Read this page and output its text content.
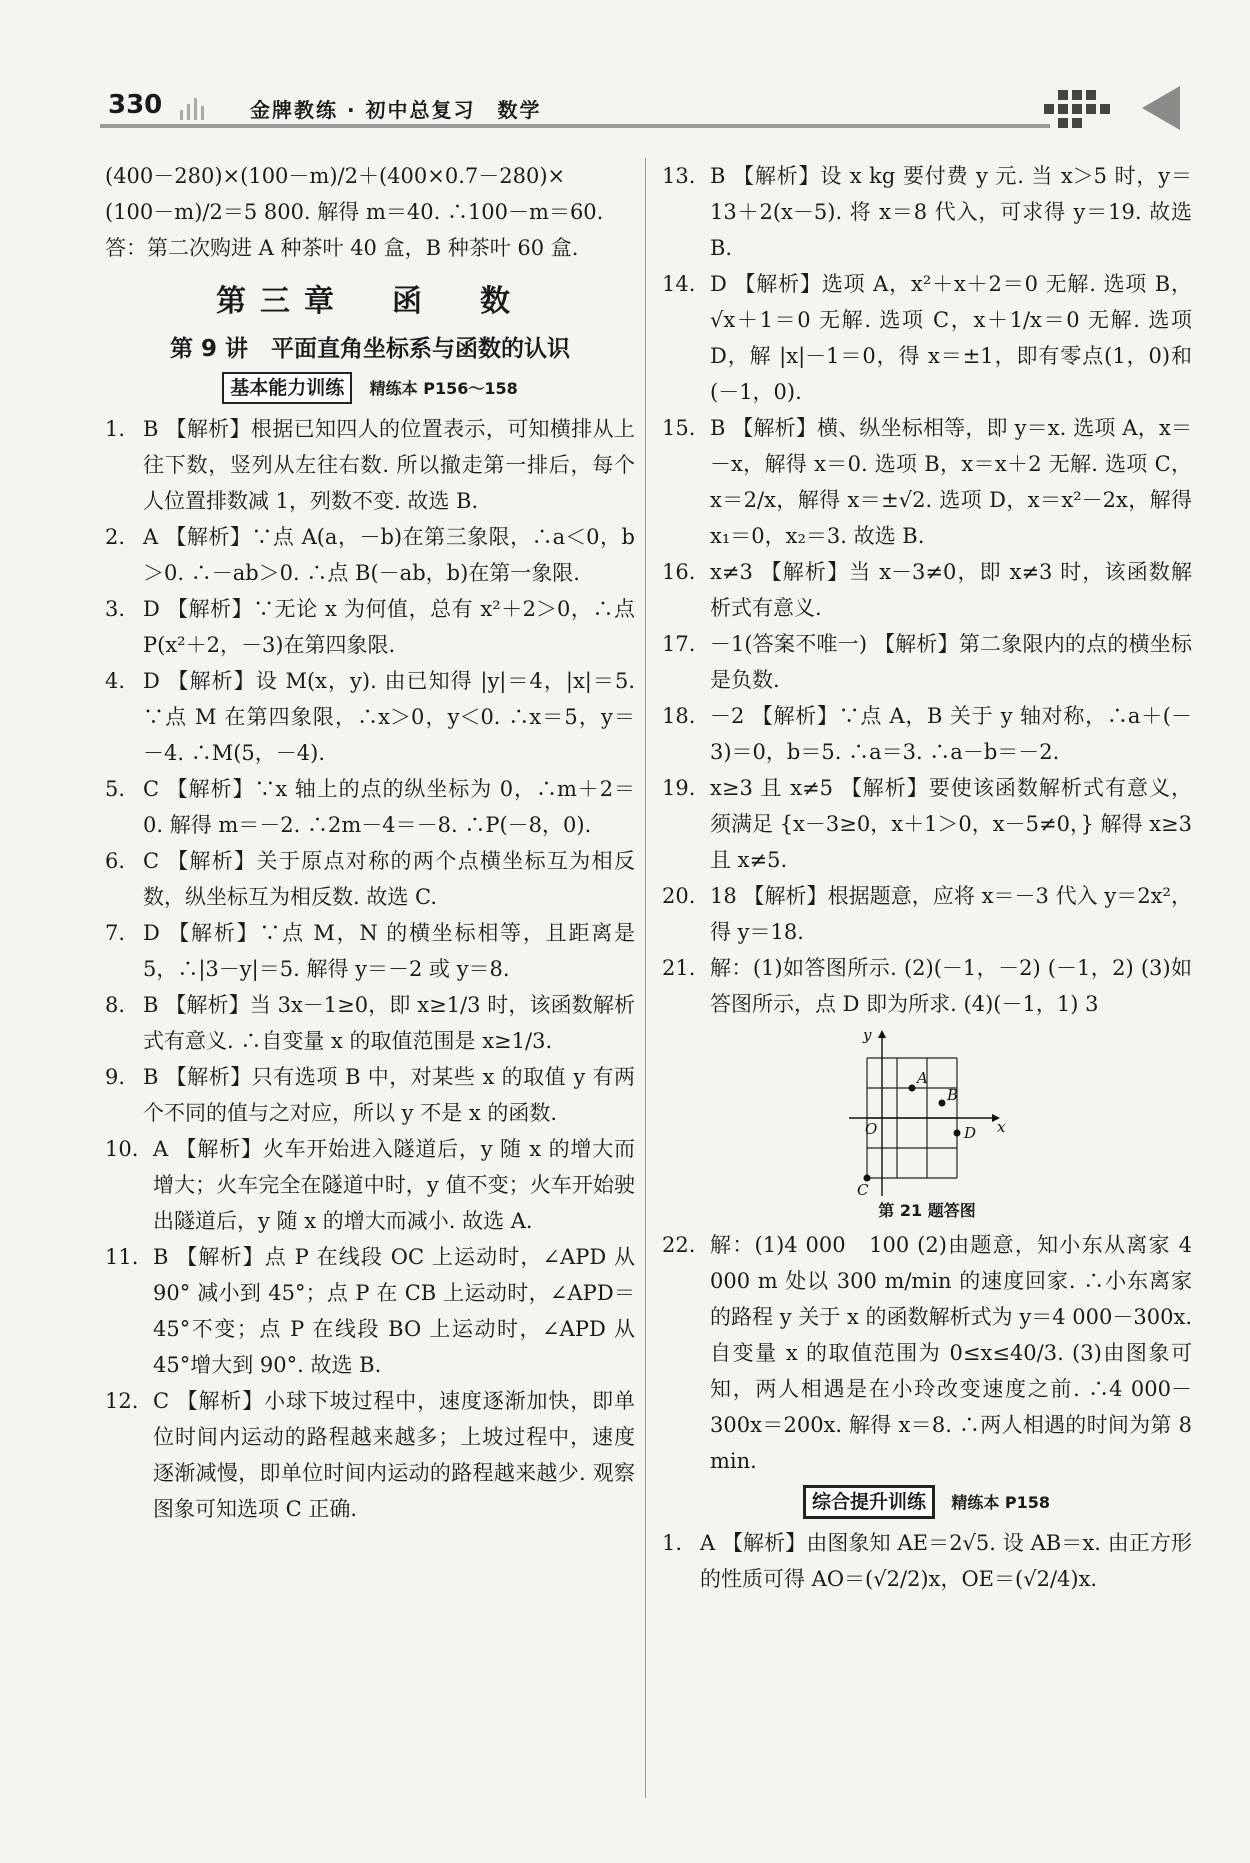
330	金牌教练 · 初中总复习　数学

(400－280)×(100－m)/2＋(400×0.7－280)×

(100－m)/2＝5 800. 解得 m＝40. ∴100－m＝60.

答：第二次购进 A 种茶叶 40 盒，B 种茶叶 60 盒.

第三章　函　数
第 9 讲　平面直角坐标系与函数的认识
基本能力训练 精练本 P156～158

1. B 【解析】根据已知四人的位置表示，可知横排从上往下数，竖列从左往右数. 所以撤走第一排后，每个人位置排数减 1，列数不变. 故选 B.

2. A 【解析】∵点 A(a，－b)在第三象限，∴a＜0，b＞0. ∴－ab＞0. ∴点 B(－ab，b)在第一象限.

3. D 【解析】∵无论 x 为何值，总有 x²＋2＞0，∴点 P(x²＋2，－3)在第四象限.

4. D 【解析】设 M(x，y). 由已知得 |y|＝4，|x|＝5. ∵点 M 在第四象限，∴x＞0，y＜0. ∴x＝5，y＝－4. ∴M(5，－4).

5. C 【解析】∵x 轴上的点的纵坐标为 0，∴m＋2＝0. 解得 m＝－2. ∴2m－4＝－8. ∴P(－8，0).

6. C 【解析】关于原点对称的两个点横坐标互为相反数，纵坐标互为相反数. 故选 C.

7. D 【解析】∵点 M，N 的横坐标相等，且距离是 5，∴|3－y|＝5. 解得 y＝－2 或 y＝8.

8. B 【解析】当 3x－1≥0，即 x≥1/3 时，该函数解析式有意义. ∴自变量 x 的取值范围是 x≥1/3.

9. B 【解析】只有选项 B 中，对某些 x 的取值 y 有两个不同的值与之对应，所以 y 不是 x 的函数.

10. A 【解析】火车开始进入隧道后，y 随 x 的增大而增大；火车完全在隧道中时，y 值不变；火车开始驶出隧道后，y 随 x 的增大而减小. 故选 A.

11. B 【解析】点 P 在线段 OC 上运动时，∠APD 从 90° 减小到 45°；点 P 在 CB 上运动时，∠APD＝45°不变；点 P 在线段 BO 上运动时，∠APD 从 45°增大到 90°. 故选 B.

12. C 【解析】小球下坡过程中，速度逐渐加快，即单位时间内运动的路程越来越多；上坡过程中，速度逐渐减慢，即单位时间内运动的路程越来越少. 观察图象可知选项 C 正确.

13. B 【解析】设 x kg 要付费 y 元. 当 x＞5 时，y＝13＋2(x－5). 将 x＝8 代入，可求得 y＝19. 故选 B.

14. D 【解析】选项 A，x²＋x＋2＝0 无解. 选项 B，√x＋1＝0 无解. 选项 C，x＋1/x＝0 无解. 选项 D，解 |x|－1＝0，得 x＝±1，即有零点(1，0)和(－1，0).

15. B 【解析】横、纵坐标相等，即 y＝x. 选项 A，x＝－x，解得 x＝0. 选项 B，x＝x＋2 无解. 选项 C，x＝2/x，解得 x＝±√2. 选项 D，x＝x²－2x，解得 x₁＝0，x₂＝3. 故选 B.

16. x≠3 【解析】当 x－3≠0，即 x≠3 时，该函数解析式有意义.

17. －1(答案不唯一) 【解析】第二象限内的点的横坐标是负数.

18. －2 【解析】∵点 A，B 关于 y 轴对称，∴a＋(－3)＝0，b＝5. ∴a＝3. ∴a－b＝－2.

19. x≥3 且 x≠5 【解析】要使该函数解析式有意义，须满足 {x－3≥0，x＋1＞0，x－5≠0，} 解得 x≥3 且 x≠5.

20. 18 【解析】根据题意，应将 x＝－3 代入 y＝2x²，得 y＝18.

21. 解：(1)如答图所示. (2)(－1，－2) (－1，2) (3)如答图所示，点 D 即为所求. (4)(－1，1) 3

y
x
O
A
B
C
D
第 21 题答图

22. 解：(1)4 000　100 (2)由题意，知小东从离家 4 000 m 处以 300 m/min 的速度回家. ∴小东离家的路程 y 关于 x 的函数解析式为 y＝4 000－300x. 自变量 x 的取值范围为 0≤x≤40/3. (3)由图象可知，两人相遇是在小玲改变速度之前. ∴4 000－300x＝200x. 解得 x＝8. ∴两人相遇的时间为第 8 min.

综合提升训练 精练本 P158

1. A 【解析】由图象知 AE＝2√5. 设 AB＝x. 由正方形的性质可得 AO＝(√2/2)x，OE＝(√2/4)x.
